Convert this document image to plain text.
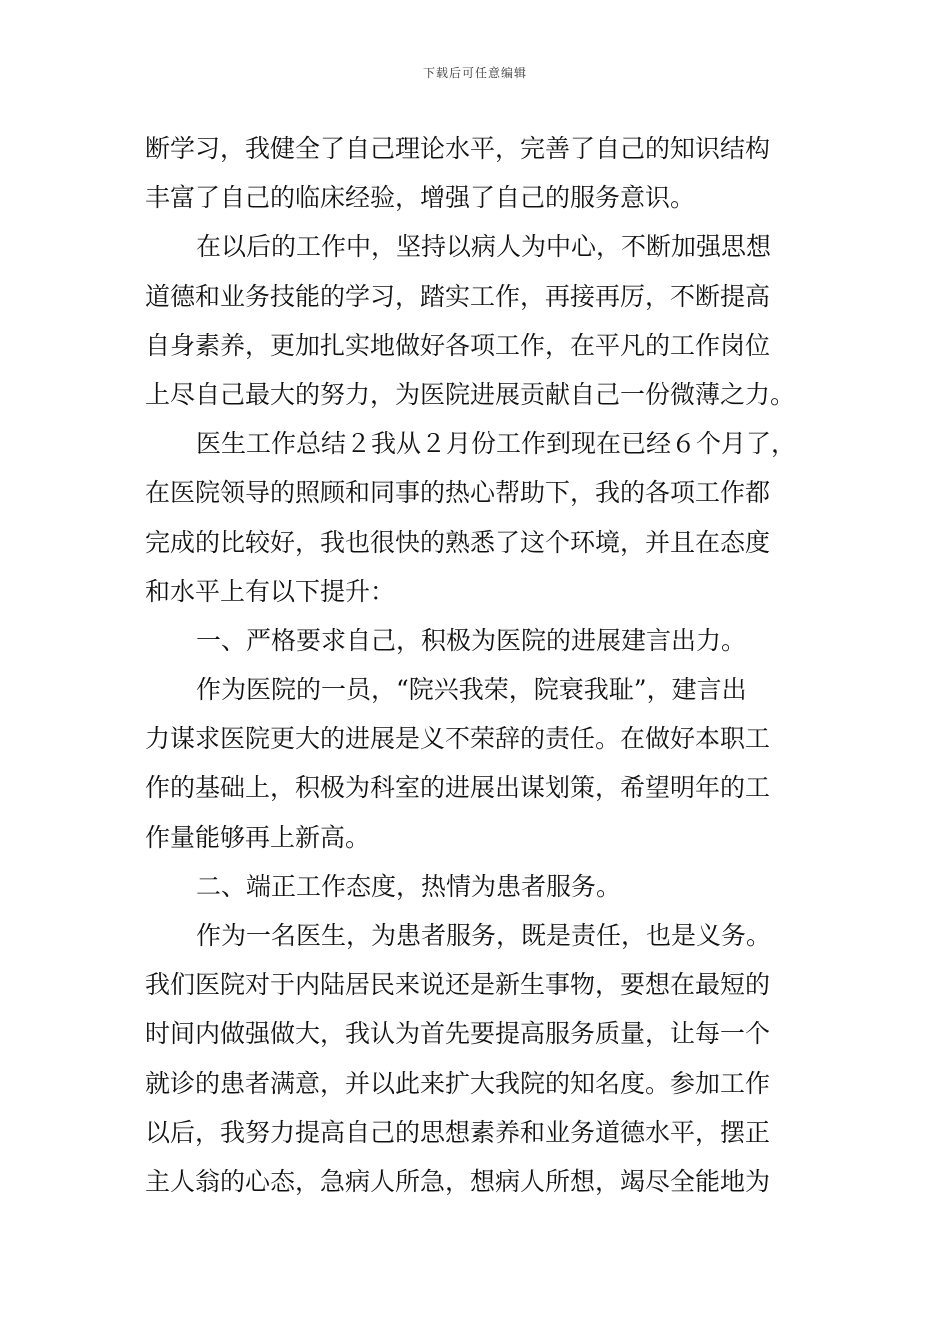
下载后可任意编辑
断学习，我健全了自己理论水平，完善了自己的知识结构
丰富了自己的临床经验，增强了自己的服务意识。
在以后的工作中，坚持以病人为中心，不断加强思想
道德和业务技能的学习，踏实工作，再接再厉，不断提高
自身素养，更加扎实地做好各项工作，在平凡的工作岗位
上尽自己最大的努力，为医院进展贡献自己一份微薄之力。
医生工作总结２我从２月份工作到现在已经６个月了，
在医院领导的照顾和同事的热心帮助下，我的各项工作都
完成的比较好，我也很快的熟悉了这个环境，并且在态度
和水平上有以下提升：
一、严格要求自己，积极为医院的进展建言出力。
作为医院的一员，“院兴我荣，院衰我耻”，建言出
力谋求医院更大的进展是义不荣辞的责任。在做好本职工
作的基础上，积极为科室的进展出谋划策，希望明年的工
作量能够再上新高。
二、端正工作态度，热情为患者服务。
作为一名医生，为患者服务，既是责任，也是义务。
我们医院对于内陆居民来说还是新生事物，要想在最短的
时间内做强做大，我认为首先要提高服务质量，让每一个
就诊的患者满意，并以此来扩大我院的知名度。参加工作
以后，我努力提高自己的思想素养和业务道德水平，摆正
主人翁的心态，急病人所急，想病人所想，竭尽全能地为
